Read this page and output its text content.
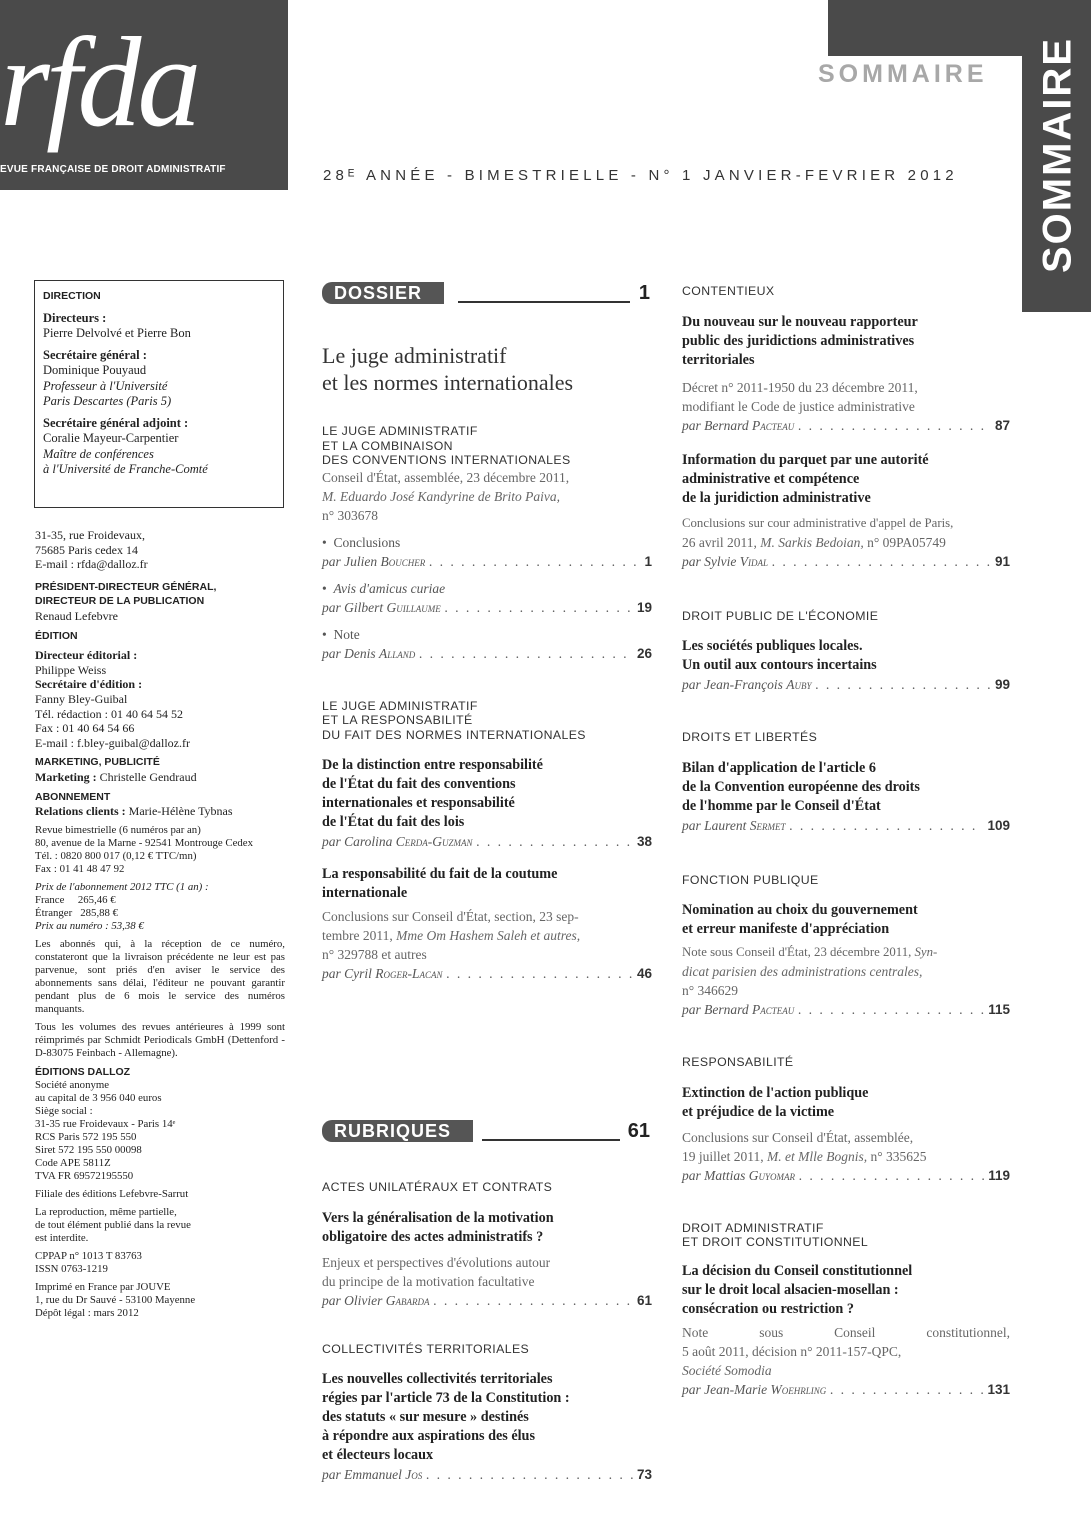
rfda
EVUE FRANÇAISE DE DROIT ADMINISTRATIF
SOMMAIRE SOMMAIRE
28ᴱ ANNÉE - BIMESTRIELLE - N° 1 JANVIER-FEVRIER 2012
DIRECTION
Directeurs :
Pierre Delvolvé et Pierre Bon
Secrétaire général :
Dominique Pouyaud
Professeur à l'Université
Paris Descartes (Paris 5)
Secrétaire général adjoint :
Coralie Mayeur-Carpentier
Maître de conférences
à l'Université de Franche-Comté

31-35, rue Froidevaux,

75685 Paris cedex 14

E-mail : rfda@dalloz.fr

PRÉSIDENT-DIRECTEUR GÉNÉRAL,

DIRECTEUR DE LA PUBLICATION

Renaud Lefebvre

ÉDITION

Directeur éditorial :

Philippe Weiss

Secrétaire d'édition :

Fanny Bley-Guibal

Tél. rédaction : 01 40 64 54 52

Fax : 01 40 64 54 66

E-mail : f.bley-guibal@dalloz.fr

MARKETING, PUBLICITÉ

Marketing : Christelle Gendraud

ABONNEMENT

Relations clients : Marie-Hélène Tybnas

Revue bimestrielle (6 numéros par an)

80, avenue de la Marne - 92541 Montrouge Cedex

Tél. : 0820 800 017 (0,12 € TTC/mn)

Fax : 01 41 48 47 92

Prix de l'abonnement 2012 TTC (1 an) :

France     265,46 €

Étranger   285,88 €

Prix au numéro : 53,38 €

Les abonnés qui, à la réception de ce numéro, constateront que la livraison précédente ne leur est pas parvenue, sont priés d'en aviser le service des abonnements sans délai, l'éditeur ne pouvant garantir pendant plus de 6 mois le service des numéros manquants.

Tous les volumes des revues antérieures à 1999 sont réimprimés par Schmidt Periodicals GmbH (Dettenford - D-83075 Feinbach - Allemagne).

ÉDITIONS DALLOZ

Société anonyme

au capital de 3 956 040 euros

Siège social :

31-35 rue Froidevaux - Paris 14ᵉ

RCS Paris 572 195 550

Siret 572 195 550 00098

Code APE 5811Z

TVA FR 69572195550

Filiale des éditions Lefebvre-Sarrut

La reproduction, même partielle,

de tout élément publié dans la revue

est interdite.

CPPAP n° 1013 T 83763

ISSN 0763-1219

Imprimé en France par JOUVE

1, rue du Dr Sauvé - 53100 Mayenne

Dépôt légal : mars 2012

DOSSIER	1
Le juge administratif
et les normes internationales
LE JUGE ADMINISTRATIF
ET LA COMBINAISON
DES CONVENTIONS INTERNATIONALES
Conseil d'État, assemblée, 23 décembre 2011,
M. Eduardo José Kandyrine de Brito Paiva,
n° 303678
•  Conclusions
par Julien Boucher . . .	1
•  Avis d'amicus curiae
par Gilbert Guillaume . . .	19
•  Note
par Denis Alland . . .	26
LE JUGE ADMINISTRATIF
ET LA RESPONSABILITÉ
DU FAIT DES NORMES INTERNATIONALES
De la distinction entre responsabilité
de l'État du fait des conventions
internationales et responsabilité
de l'État du fait des lois
par Carolina Cerda-Guzman . . .	38
La responsabilité du fait de la coutume
internationale
Conclusions sur Conseil d'État, section, 23 sep-
tembre 2011, Mme Om Hashem Saleh et autres,
n° 329788 et autres
par Cyril Roger-Lacan . . .	46
RUBRIQUES	61
ACTES UNILATÉRAUX ET CONTRATS
Vers la généralisation de la motivation
obligatoire des actes administratifs ?
Enjeux et perspectives d'évolutions autour
du principe de la motivation facultative
par Olivier Gabarda . . .	61
COLLECTIVITÉS TERRITORIALES
Les nouvelles collectivités territoriales
régies par l'article 73 de la Constitution :
des statuts « sur mesure » destinés
à répondre aux aspirations des élus
et électeurs locaux
par Emmanuel Jos . . .	73
CONTENTIEUX
Du nouveau sur le nouveau rapporteur
public des juridictions administratives
territoriales
Décret n° 2011-1950 du 23 décembre 2011,
modifiant le Code de justice administrative
par Bernard Pacteau . . .	87
Information du parquet par une autorité
administrative et compétence
de la juridiction administrative
Conclusions sur cour administrative d'appel de Paris,
26 avril 2011, M. Sarkis Bedoian, n° 09PA05749
par Sylvie Vidal . . .	91
DROIT PUBLIC DE L'ÉCONOMIE
Les sociétés publiques locales.
Un outil aux contours incertains
par Jean-François Auby . . .	99
DROITS ET LIBERTÉS
Bilan d'application de l'article 6
de la Convention européenne des droits
de l'homme par le Conseil d'État
par Laurent Sermet . . .	109
FONCTION PUBLIQUE
Nomination au choix du gouvernement
et erreur manifeste d'appréciation
Note sous Conseil d'État, 23 décembre 2011, Syn-
dicat parisien des administrations centrales,
n° 346629
par Bernard Pacteau . . .	115
RESPONSABILITÉ
Extinction de l'action publique
et préjudice de la victime
Conclusions sur Conseil d'État, assemblée,
19 juillet 2011, M. et Mlle Bognis, n° 335625
par Mattias Guyomar . . .	119
DROIT ADMINISTRATIF
ET DROIT CONSTITUTIONNEL
La décision du Conseil constitutionnel
sur le droit local alsacien-mosellan :
consécration ou restriction ?
Note sous Conseil constitutionnel,
5 août 2011, décision n° 2011-157-QPC,
Société Somodia
par Jean-Marie Woehrling . . .	131
